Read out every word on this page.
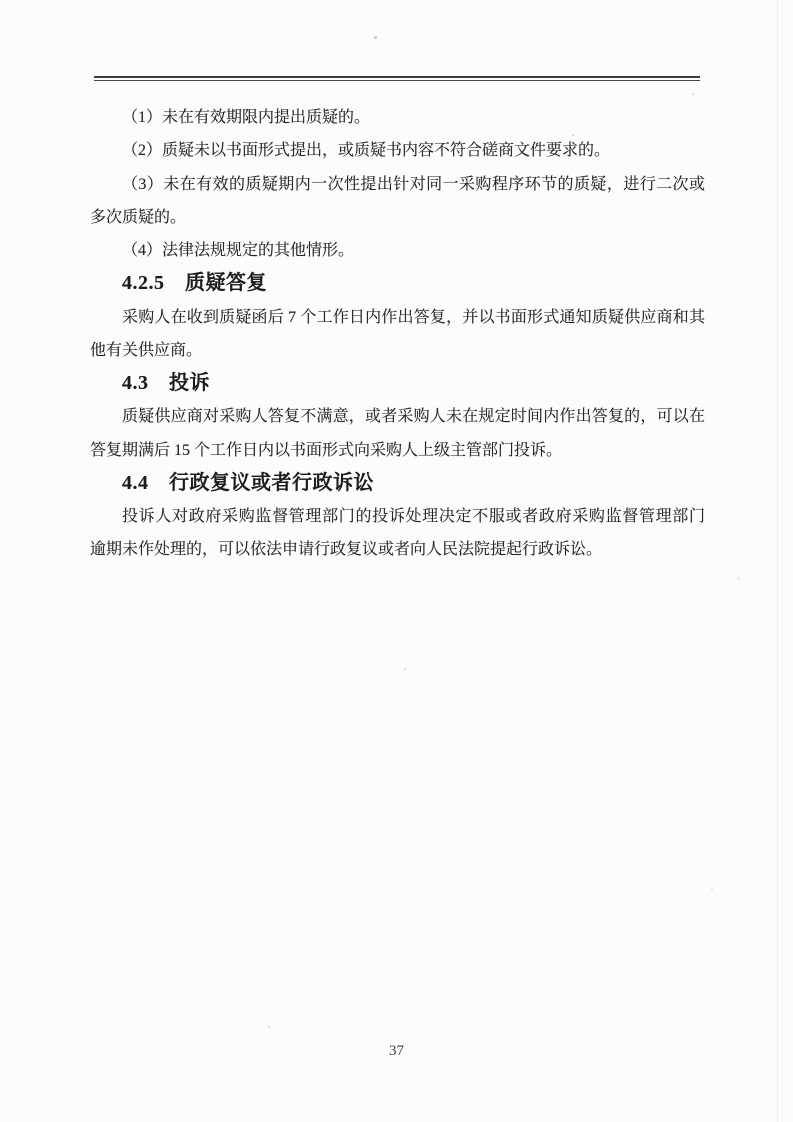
（1）未在有效期限内提出质疑的。
（2）质疑未以书面形式提出，或质疑书内容不符合磋商文件要求的。
（3）未在有效的质疑期内一次性提出针对同一采购程序环节的质疑，进行二次或
多次质疑的。
（4）法律法规规定的其他情形。
4.2.5　质疑答复
采购人在收到质疑函后 7 个工作日内作出答复，并以书面形式通知质疑供应商和其
他有关供应商。
4.3　投诉
质疑供应商对采购人答复不满意，或者采购人未在规定时间内作出答复的，可以在
答复期满后 15 个工作日内以书面形式向采购人上级主管部门投诉。
4.4　行政复议或者行政诉讼
投诉人对政府采购监督管理部门的投诉处理决定不服或者政府采购监督管理部门
逾期未作处理的，可以依法申请行政复议或者向人民法院提起行政诉讼。
37
